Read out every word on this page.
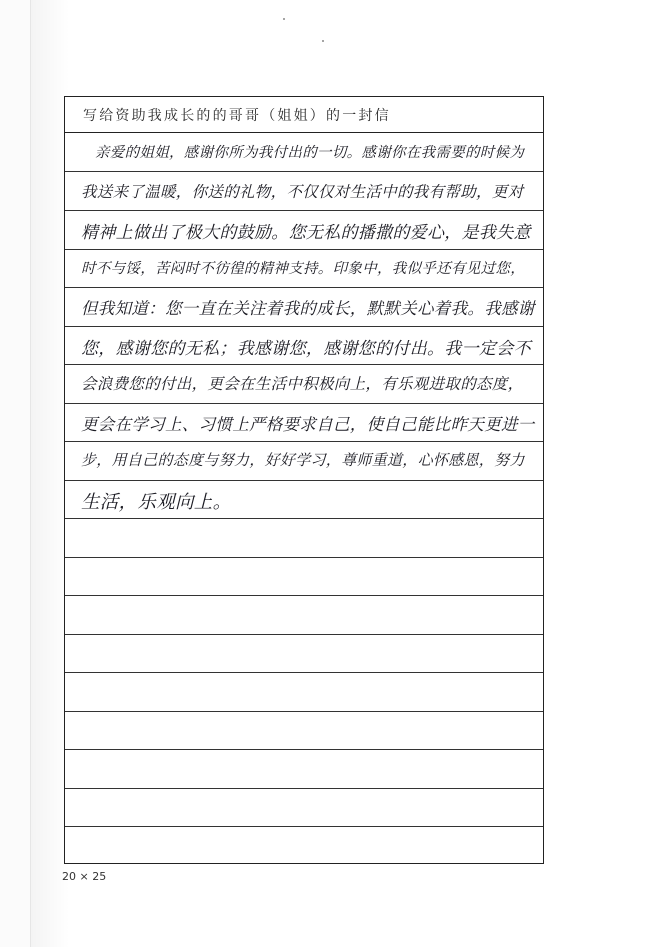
写给资助我成长的的哥哥（姐姐）的一封信
亲爱的姐姐，感谢你所为我付出的一切。感谢你在我需要的时候为
我送来了温暖，你送的礼物，不仅仅对生活中的我有帮助，更对
精神上做出了极大的鼓励。您无私的播撒的爱心，是我失意
时不与馁，苦闷时不彷徨的精神支持。印象中，我似乎还有见过您，
但我知道：您一直在关注着我的成长，默默关心着我。我感谢
您，感谢您的无私；我感谢您，感谢您的付出。我一定会不
会浪费您的付出，更会在生活中积极向上，有乐观进取的态度，
更会在学习上、习惯上严格要求自己，使自己能比昨天更进一
步，用自己的态度与努力，好好学习，尊师重道，心怀感恩，努力
生活，乐观向上。
20 × 25
